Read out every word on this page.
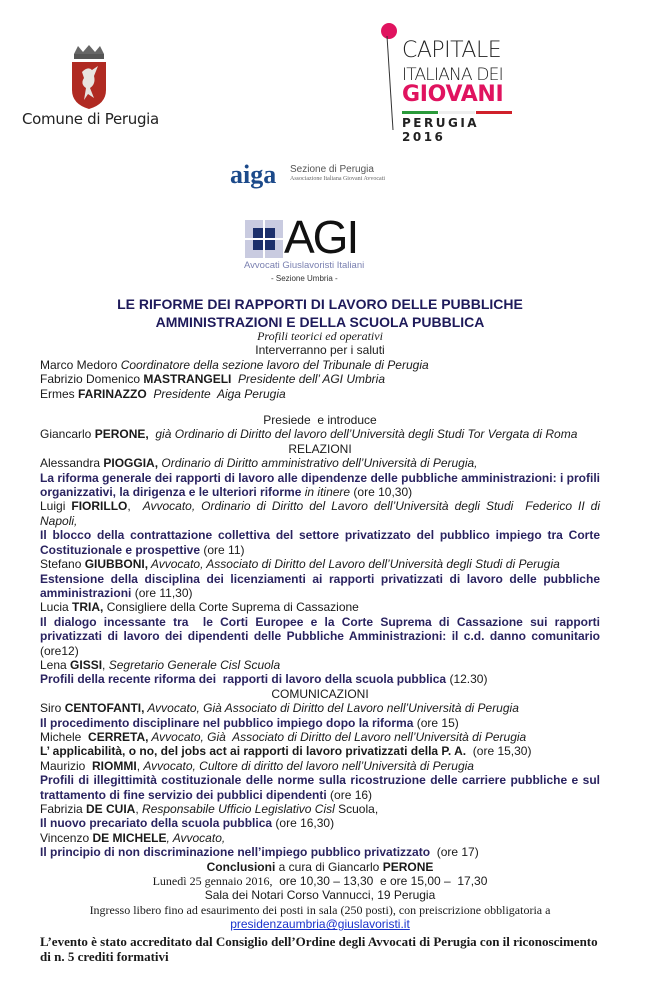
Comune di Perugia
CAPITALE
ITALIANA DEI
GIOVANI
PERUGIA 2016
aiga Sezione di Perugia
Associazione Italiana Giovani Avvocati
AGI
Avvocati Giuslavoristi Italiani
- Sezione Umbria -
LE RIFORME DEI RAPPORTI DI LAVORO DELLE PUBBLICHE
AMMINISTRAZIONI E DELLA SCUOLA PUBBLICA
Profili teorici ed operativi
Interverranno per i saluti
Marco Medoro Coordinatore della sezione lavoro del Tribunale di Perugia
Fabrizio Domenico MASTRANGELI  Presidente dell’ AGI Umbria
Ermes FARINAZZO  Presidente  Aiga Perugia
Presiede  e introduce
Giancarlo PERONE,  già Ordinario di Diritto del lavoro dell’Università degli Studi Tor Vergata di Roma
RELAZIONI
Alessandra PIOGGIA, Ordinario di Diritto amministrativo dell’Università di Perugia,
La riforma generale dei rapporti di lavoro alle dipendenze delle pubbliche amministrazioni: i profili organizzativi, la dirigenza e le ulteriori riforme in itinere (ore 10,30)
Luigi FIORILLO,  Avvocato, Ordinario di Diritto del Lavoro dell’Università degli Studi  Federico II di Napoli,
Il blocco della contrattazione collettiva del settore privatizzato del pubblico impiego tra Corte Costituzionale e prospettive (ore 11)
Stefano GIUBBONI, Avvocato, Associato di Diritto del Lavoro dell’Università degli Studi di Perugia
Estensione della disciplina dei licenziamenti ai rapporti privatizzati di lavoro delle pubbliche amministrazioni (ore 11,30)
Lucia TRIA, Consigliere della Corte Suprema di Cassazione
Il dialogo incessante tra  le Corti Europee e la Corte Suprema di Cassazione sui rapporti privatizzati di lavoro dei dipendenti delle Pubbliche Amministrazioni: il c.d. danno comunitario (ore12)
Lena GISSI, Segretario Generale Cisl Scuola
Profili della recente riforma dei  rapporti di lavoro della scuola pubblica (12.30)
COMUNICAZIONI
Siro CENTOFANTI, Avvocato, Già Associato di Diritto del Lavoro nell’Università di Perugia
Il procedimento disciplinare nel pubblico impiego dopo la riforma (ore 15)
Michele  CERRETA, Avvocato, Già  Associato di Diritto del Lavoro nell’Università di Perugia
L’ applicabilità, o no, del jobs act ai rapporti di lavoro privatizzati della P. A.  (ore 15,30)
Maurizio  RIOMMI, Avvocato, Cultore di diritto del lavoro nell’Università di Perugia
Profili di illegittimità costituzionale delle norme sulla ricostruzione delle carriere pubbliche e sul trattamento di fine servizio dei pubblici dipendenti (ore 16)
Fabrizia DE CUIA, Responsabile Ufficio Legislativo Cisl Scuola,
Il nuovo precariato della scuola pubblica (ore 16,30)
Vincenzo DE MICHELE, Avvocato,
Il principio di non discriminazione nell’impiego pubblico privatizzato  (ore 17)
Conclusioni a cura di Giancarlo PERONE
Lunedì 25 gennaio 2016,  ore 10,30 – 13,30  e ore 15,00 –  17,30
Sala dei Notari Corso Vannucci, 19 Perugia
Ingresso libero fino ad esaurimento dei posti in sala (250 posti), con preiscrizione obbligatoria a
presidenzaumbria@giuslavoristi.it
L’evento è stato accreditato dal Consiglio dell’Ordine degli Avvocati di Perugia con il riconoscimento di n. 5 crediti formativi
